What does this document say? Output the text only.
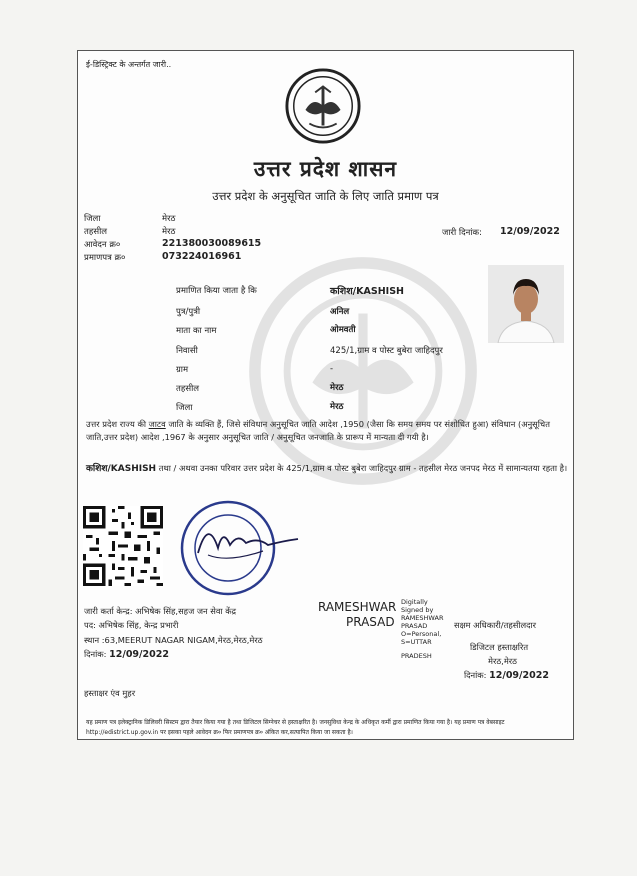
ई-डिस्ट्रिक्ट के अन्तर्गत जारी..
उत्तर प्रदेश शासन
उत्तर प्रदेश के अनुसूचित जाति के लिए जाति प्रमाण पत्र
जिला	मेरठ
तहसील	मेरठ
आवेदन क्र०	221380030089615
प्रमाणपत्र क्र०	073224016961
जारी दिनांक: 12/09/2022
प्रमाणित किया जाता है कि	कशिश/KASHISH
पुत्र/पुत्री	अनिल
माता का नाम	ओमवती
निवासी	425/1,ग्राम व पोस्ट बुबेरा जाहिदपुर
ग्राम	-
तहसील	मेरठ
जिला	मेरठ
उत्तर प्रदेश राज्य की जाटव जाति के व्यक्ति हैं, जिसे संविधान अनुसूचित जाति आदेश ,1950 (जैसा कि समय समय पर संशोधित हुआ) संविधान (अनुसूचित जाति,उत्तर प्रदेश) आदेश ,1967 के अनुसार अनुसूचित जाति / अनुसूचित जनजाति के प्रारूप में मान्यता दी गयी है।
कशिश/KASHISH तथा / अथवा उनका परिवार उत्तर प्रदेश के 425/1,ग्राम व पोस्ट बुबेरा जाहिदपुर ग्राम - तहसील मेरठ जनपद मेरठ में सामान्यतया रहता है।
जारी कर्ता केन्द्र: अभिषेक सिंह,सहज जन सेवा केंद्र
पद: अभिषेक सिंह, केन्द्र प्रभारी
स्थान :63,MEERUT NAGAR NIGAM,मेरठ,मेरठ,मेरठ
दिनांक: 12/09/2022
RAMESHWAR
PRASAD
Digitally
Signed by
RAMESHWAR
PRASAD
O=Personal,
S=UTTAR
PRADESH
सक्षम अधिकारी/तहसीलदार
डिजिटल हस्ताक्षरित
मेरठ,मेरठ
दिनांक: 12/09/2022
हस्ताक्षर एंव मुहर
यह प्रमाण पत्र इलेक्ट्रानिक डिलिवरी सिस्टम द्वारा तैयार किया गया है तथा डिजिटल सिग्नेचर से हस्ताक्षरित है। जनसुविधा केन्द्र के अधिकृत कर्मी द्वारा प्रमाणित किया गया है। यह प्रमाण पत्र वेबसाइट http://edistrict.up.gov.in पर इसका पहले आवेदन क्र० फिर प्रमाणपत्र क्र० अंकित कर,सत्यापित किया जा सकता है।
